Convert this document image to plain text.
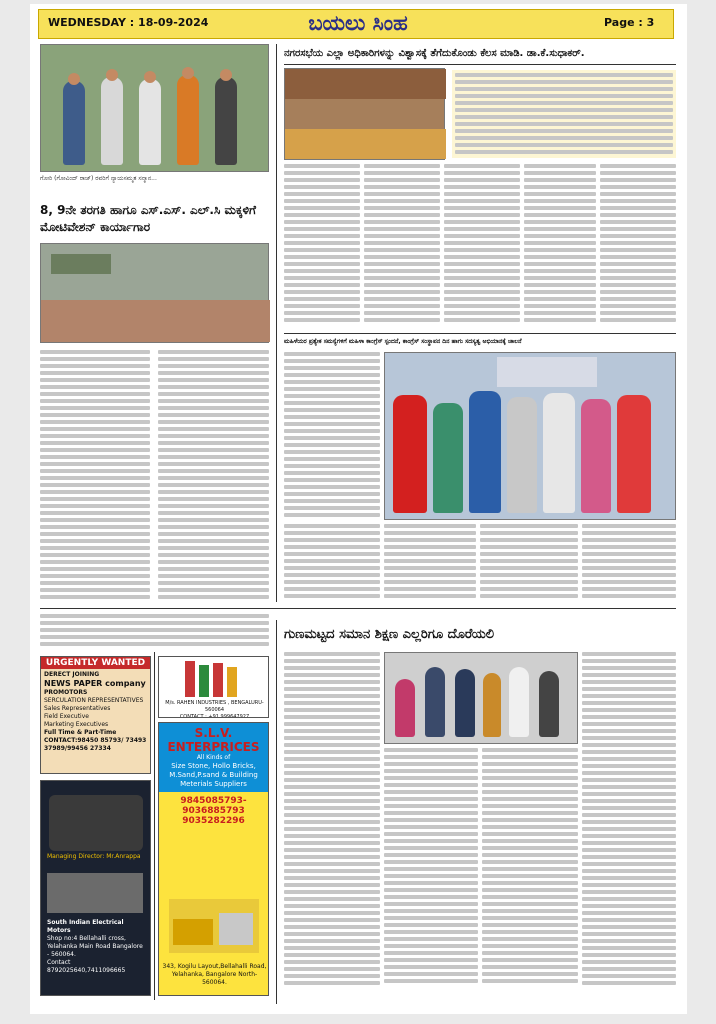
WEDNESDAY : 18-09-2024	ಬಯಲು ಸಿಂಹ	Page : 3
ಗೋರಿ (ಗೋವಿಂದ್ ರಾಜ್) ರವರಿಗೆ ನ್ಯಾಯಸಮ್ಮತ ಸನ್ಮಾನ...
8, 9ನೇ ತರಗತಿ ಹಾಗೂ ಎಸ್.ಎಸ್. ಎಲ್.ಸಿ ಮಕ್ಕಳಿಗೆ ಮೋಟಿವೇಶನ್ ಕಾರ್ಯಾಗಾರ
URGENTLY WANTED
DERECT JOINING
NEWS PAPER company
PROMOTORS
SERCULATION REPRESENTATIVES
Sales Representatives
Field Executive
Marketing Executives
Full Time & Part-Time
CONTACT:98450 85793/ 73493 37989/99456 27334
Managing Director: Mr.Anrappa
South Indian Electrical Motors
Shop no:4 Bellahalli cross, Yelahanka Main Road Bangalore - 560064.
Contact 8792025640,7411096665
M/s. RAHEN INDUSTRIES , BENGALURU-560064
CONTACT : +91 999647927
S.L.V. ENTERPRICES
All Kinds of
Size Stone, Hollo Bricks, M.Sand,P.sand & Building Meterials Suppliers
9845085793-9036885793
9035282296
343, Kogilu Layout,Bellahalli Road, Yelahanka, Bangalore North-560064.
ನಗರಸಭೆಯ ಎಲ್ಲಾ ಅಧಿಕಾರಿಗಳನ್ನು ವಿಶ್ವಾಸಕ್ಕೆ ತೆಗೆದುಕೊಂಡು ಕೆಲಸ ಮಾಡಿ. ಡಾ.ಕೆ.ಸುಧಾಕರ್.
ಮಹಿಳೆಯರ ಪ್ರತ್ಯೇಕ ಸಮಸ್ಯೆಗಳಿಗೆ ಮಹಿಳಾ ಕಾಂಗ್ರೆಸ್ ಸ್ಪಂದನೆ, ಕಾಂಗ್ರೆಸ್ ಸಂಸ್ಥಾಪನ ದಿನ ಹಾಗು ಸದಸ್ಯತ್ವ ಅಭಿಯಾನಕ್ಕೆ ಚಾಲನೆ
ಗುಣಮಟ್ಟದ ಸಮಾನ ಶಿಕ್ಷಣ ಎಲ್ಲರಿಗೂ ದೊರೆಯಲಿ
